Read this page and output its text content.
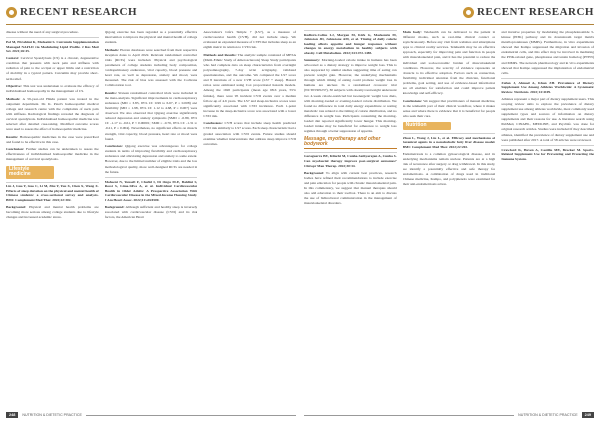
RECENT RESEARCH	RECENT RESEARCH

disease without the need of any surgical procedure.

Pol M, Ebrahimi K, Mohseini S. Curcumin Supplementation Managed NAFLD via Modulating Lipid Profile. J Res Med Sci. 2021;26:45.

Context: Cervical Spondylosis (CS) is a chronic, degenerative condition that presents with neck pain and stiffness with radiation of pain to the occiput or upper limbs and a restriction of mobility in a typical pattern. Curcumin may provide short-term relief.

Objective: This test was undertaken to evaluate the efficacy of individualised homoeopathy in the management of CS.

Methods: A 59-year-old Hindu patient was treated in the outpatient department. Dr. K. Patel's homoeopathic medical college and research centre with the complaints of neck pain with stiffness. Radiological findings revealed the diagnosis of cervical spondylosis. Individualised homoeopathic medicine was selected after detailed case-taking. Modified outcome scores were used to assess the effect of homoeopathic medicine.

Results: Homoeopathic medicines in the case were prescribed and found to be effective in this case.

Conclusion: Further studies can be undertaken to assess the effectiveness of individualised homoeopathic medicine in the management of cervical spondylosis.

Lifestyle medicine

Lin J, Guo Y, Guo C, Li M, Zhu Y, You X, Chen X, Wang X. Effects of sleep duration on the physical and mental health of Chinese students: a cross-sectional survey and analysis. BMC Complement Med Ther. 2022;22:302.

Background: Physical and mental health problems are becoming more serious among college students due to lifestyle changes and increased academic stress.

Qigong exercise has been regarded as a potentially effective intervention to improve the physical and mental health of college students.

Methods: Eleven databases were searched from their respective inception dates to April 2022. Relevant randomised controlled trials (RCTs) were included. Physical and psychological parameters of college students including body composition, cardiopulmonary endurance, vital capacity, blood pressure and heart rate, as well as depression, anxiety and mood, were measured. The risk of bias was assessed with the Cochrane Collaboration tool.

Results: Sixteen randomised controlled trials were included in the meta-analysis. Significant improvements in cardiorespiratory endurance (MD = 3.83, 95% CI: 0.99 to 6.67, P = 0.008) and flexibility (MD = 1.98, 95% CI: 1.12 to 4.68, P = 0.007) were observed. We also observed that Qigong exercise significantly reduced depression and anxiety symptoms (SMD = -0.89, 95% CI: -1.17 to -0.61, P < 0.00001; SMD = -0.76, 95% CI: -1.31 to -0.21, P = 0.004). Nevertheless, no significant effects on muscle strength, vital capacity, blood pressure, heart rate or mood were found.

Conclusion: Qigong exercise was advantageous for college students in terms of improving flexibility and cardiorespiratory endurance and alleviating depression and anxiety to some extent. However, due to the limited number of eligible trials and the low methodological quality, more well-designed RCTs are needed in the future.

Mohseni N, Yousefi F, Chafid I, Di Onga M-E, Baldini S, Rossi S, Lima-Silva A, et al. Individual Cardiovascular Health in Older Adults: A Prospective Association With Cardiovascular Disease in the Mixed-Income Housing Study. J Am Heart Assoc. 2022;11:e024500.

Background: Although sufficient and healthy sleep is inversely associated with cardiovascular disease (CVD) and its risk factors, the American Heart

Association's Life's Simple 7 (LS7), as a measure of cardiovascular health (CVH), did not include sleep. We evaluated an expanded measure of CVH that includes sleep as an eighth metric in relation to CVD risk.

Methods and Results: The analytic sample consisted of MESA (Multi-Ethnic Study of Atherosclerosis) Sleep Study participants who had complete data on sleep characteristics from overnight polysomnography, 7-day wrist actigraphy, validated questionnaires, and the outcome. We computed the LS7 score and 8 iterations of a new CVH score (LS7 + sleep). Hazard ratios were estimated using Cox proportional hazards models. Among the 1920 participants (mean age 68.6 years, 55% female), there were 95 incident CVD events over a median follow-up of 4.6 years. The LS7 and sleep-inclusive scores were significantly associated with CVD incidence. Each 1-point increase in the sleep-inclusive score was associated with a lower CVD risk.

Conclusions: CVH scores that include sleep health predicted CVD risk similarly to LS7 scores. Each sleep characteristic had a graded association with CVD events. Future studies should examine whether interventions that address sleep improve CVD outcomes.

Redfern-Colins LJ, Morgan M, Kirk G, Mackenzie M, Johnston JD, Johnstone AM, et al. Timing of daily calorie loading affects appetite and hunger responses without changes in energy metabolism in healthy subjects with obesity. Cell Metabolism. 2022;34:1472-1485.

Summary: Morning-loaded calorie intake in humans has been advocated as a dietary strategy to improve weight loss. This is also supported by animal studies suggesting time of eating can prevent weight gain. However, the underlying mechanisms through which timing of eating could promote weight loss in humans are unclear. In a randomised crossover trial (NCT03305237), 30 subjects with obesity/overweight underwent two 4-week calorie-restricted but isoenergetic weight loss diets, with morning-loaded or evening-loaded calorie distribution. We found no difference in total daily energy expenditure or resting metabolic rate related to the timing of calorie distribution, and no difference in weight loss. Participants consuming the morning-loaded diet reported significantly lower hunger. This morning-loaded intake may be beneficial for adherence to weight loss regimes through a better suppression of appetite.

Massage, myotherapy and other bodywork

Garaguerra BE, Kiluchi M, Cunha-Sathyarajan A, Cunha S. Can myofascial therapy improve post-surgical outcomes? Chiropr Man Therap. 2022;30:34.

Background: To align with current best practices, research bodies have refined their recommendations to include exercise and pain education for people with chronic musculoskeletal pain. In this commentary, we suggest that manual therapies should also add education to their toolbox. There is an aim to discuss the use of bidirectional communication in the management of musculoskeletal disorders.

Main body: Telehealth can be delivered to the patient in different modes, such as real-time clinical contact or asynchronously. Before any visit from websites and smartphone apps to clinical reality services. Telehealth may be an effective approach, especially for improving pain and function in people with musculoskeletal pain, and it has the potential to reduce the individual and socioeconomic burden of musculoskeletal conditions. However, the scarcity of evidence represents an obstacle to its effective adoption. Factors such as connection, flexibility, individual attention from the clinician, functional problems, goal setting, and use of evidence-based information are all enablers for satisfaction and could improve patient knowledge and self-efficacy.

Conclusions: We suggest that practitioners of manual medicine, in the telehealth part of their clinical workflow, where it makes sense and where there is evidence that it is beneficial for people who seek their care.

Nutrition

Zhou L, Wang J, Liu L, et al. Efficacy and mechanisms of botanical agents in a nonalcoholic fatty liver disease model. BMC Complement Med Ther. 2022;22:202.

Endometriosis is a common gynaecological disease, and its underlying mechanisms remain unclear. Patients are at a high risk of recurrence after surgery or drug withdrawal. In this study, we identify a potentially effective and safe therapy for endometriosis. A combination of drugs used in traditional Chinese medicine, Kampo, and polyphenols were examined for their anti-endometriosis action.

and invasive properties by modulating the phosphoinositide 3-kinase (PI3K) pathway and its downstream target matrix metalloproteinases (MMPs). Furthermore, in vitro experiments showed that Kampo suppressed the migration and invasion of endometrial cells, and this effect may be involved in mediating the PI3K-related gene, phosphatase and tensin homolog (PTEN) and MMPs. The network pharmacology and in vivo experiments showed that Kampo suppressed the implantation of endometrial cells.

Zufan J, Ahmad A, Khan ZH. Prevalence of Dietary Supplement Use Among Athletes Worldwide: A Systematic Review. Nutrients. 2022;14:4109.

Athletes represent a major part of dietary supplement users. This scoping review aims to explore the prevalence of dietary supplement use among athletes worldwide, most commonly used supplement types and sources of information on dietary supplements and their reasons for use. A literature search using PubMed, CINAHL, MEDLINE, and PsycInfo was done for original research articles. Studies were included if they described athletes, identified the prevalence of dietary supplement use and were published after 2017. A total of 58 articles were reviewed.

Crawford K, Hoven A, Castillo ME, Brocker M. Sports-Related Supplement Use for Preventing and Protecting the Immune System.

248	NUTRITION & DIETETIC PRACTICE	NUTRITION & DIETETIC PRACTICE	249
